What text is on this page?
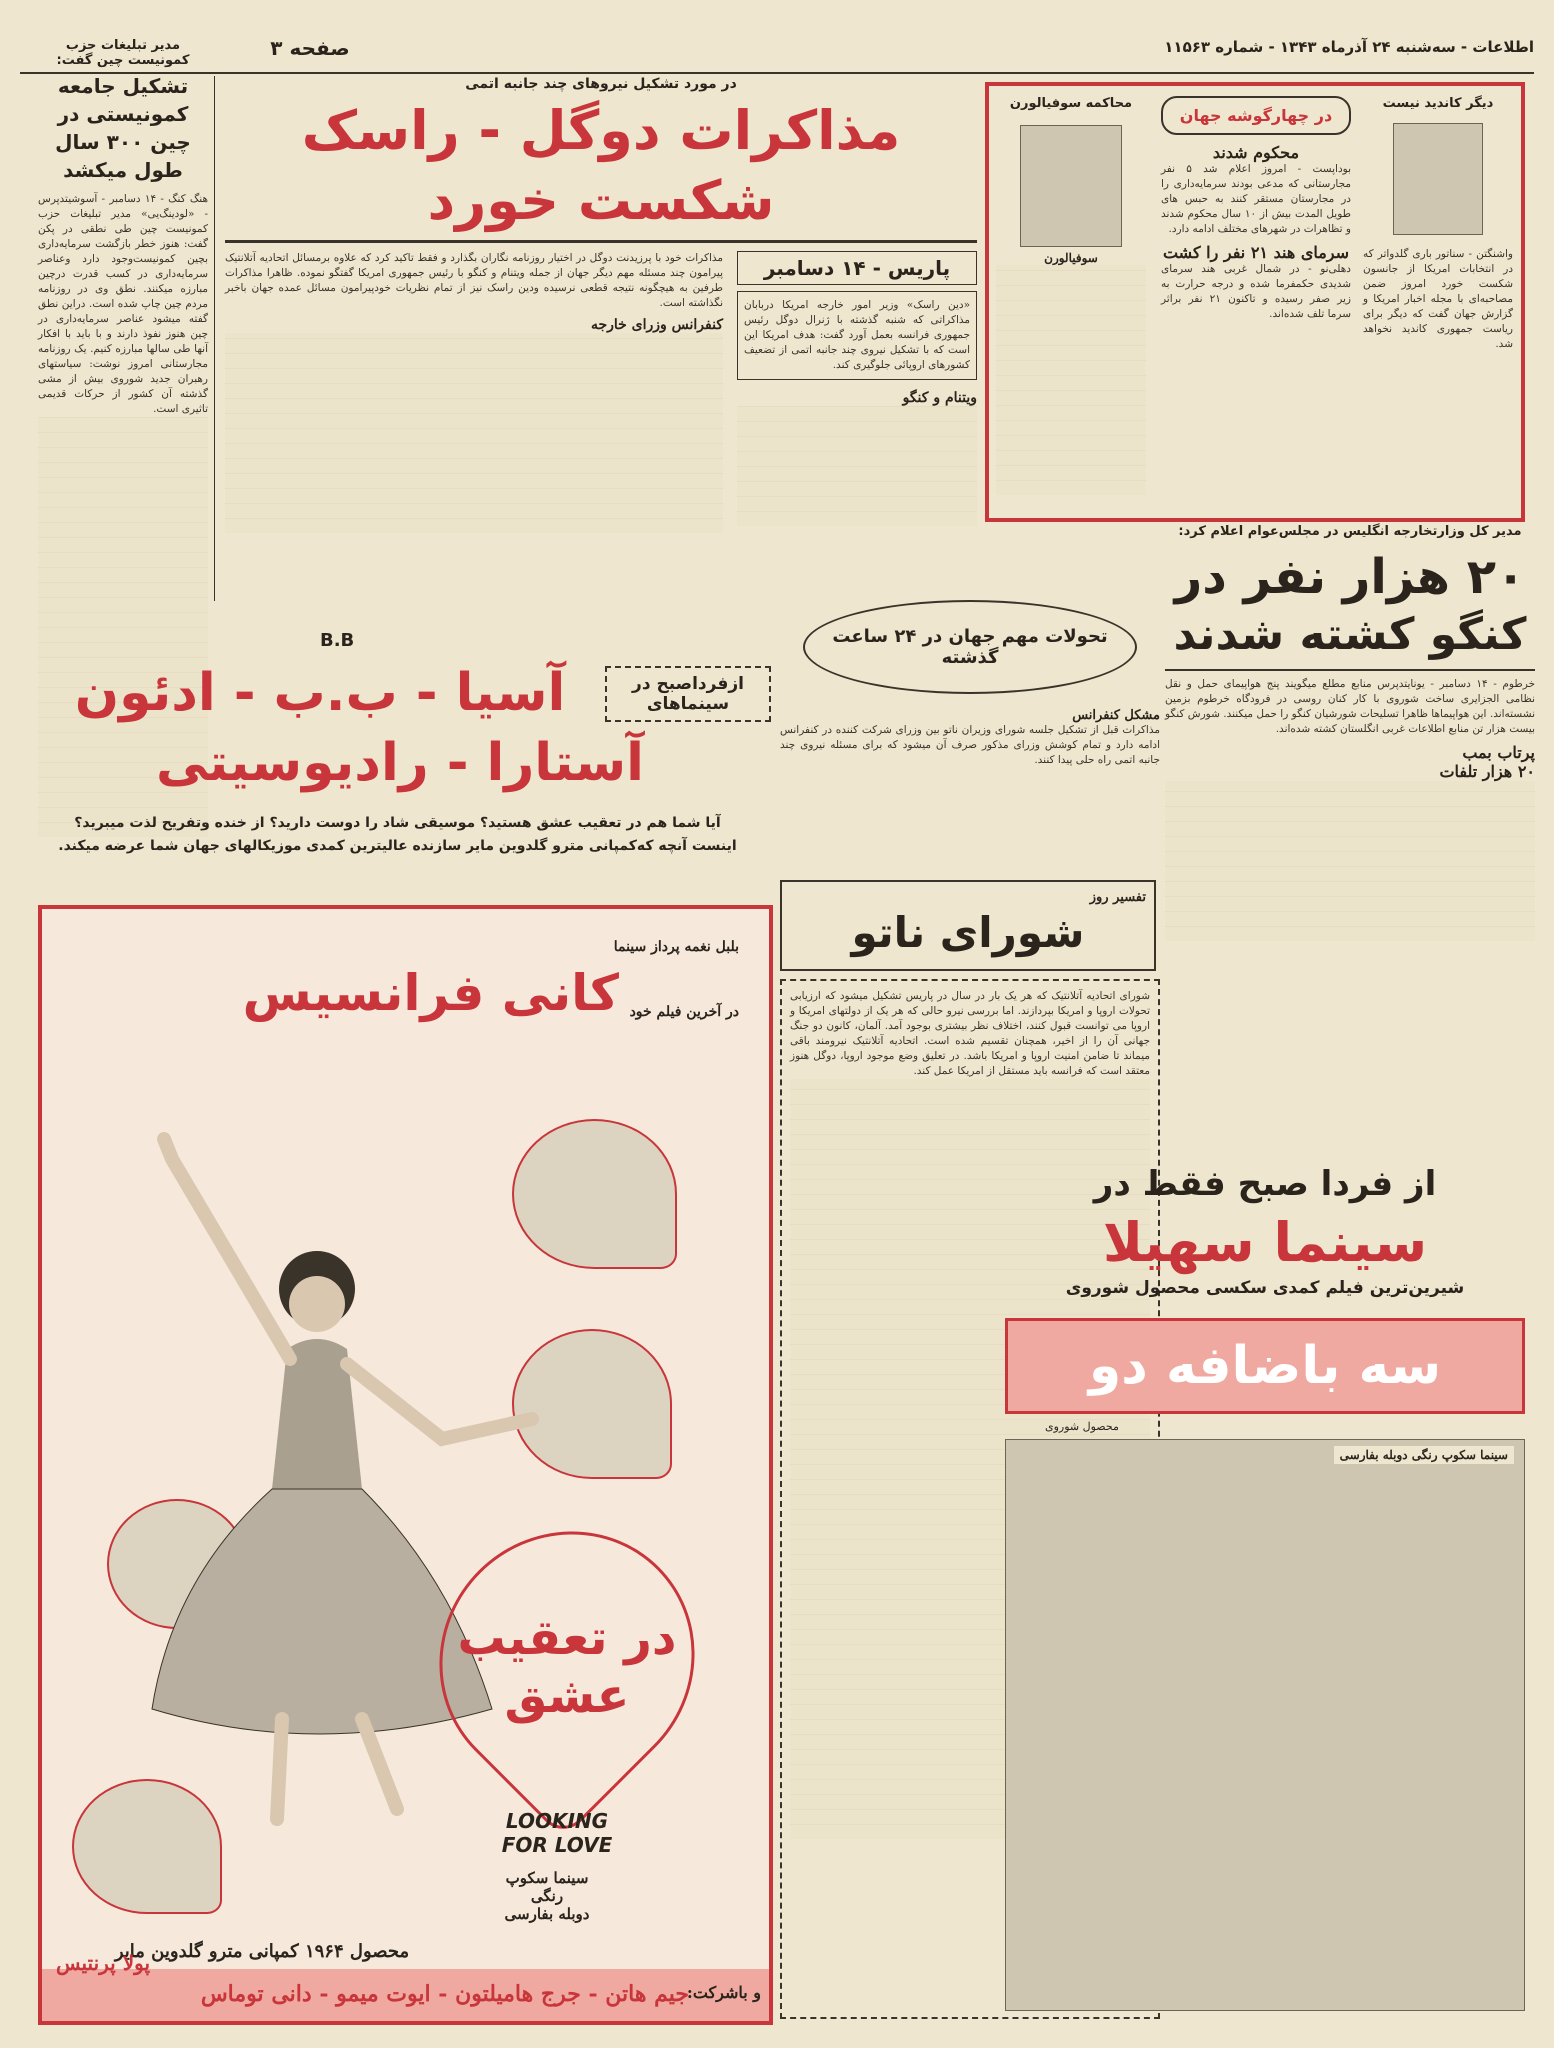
اطلاعات - سه‌شنبه ۲۴ آذرماه ۱۳۴۳ - شماره ۱۱۵۶۳
صفحه ۳
مدیر تبلیغات حزب کمونیست چین گفت:
تشکیل جامعه کمونیستی در چین ۳۰۰ سال طول میکشد
هنگ کنگ - ۱۴ دسامبر - آسوشیتدپرس - «لودینگ‌یی» مدیر تبلیغات حزب کمونیست چین طی نطقی در پکن گفت: هنوز خطر بازگشت سرمایه‌داری بچین کمونیست‌وجود دارد وعناصر سرمایه‌داری در کسب قدرت درچین مبارزه میکنند. نطق وی در روزنامه مردم چین چاپ شده است. دراین نطق گفته میشود عناصر سرمایه‌داری در چین هنوز نفوذ دارند و با باید با افکار آنها طی سالها مبارزه کنیم. یک روزنامه مجارستانی امروز نوشت: سیاستهای رهبران جدید شوروی بیش از مشی گذشته آن کشور از حرکات قدیمی تاثیری است.
در مورد تشکیل نیروهای چند جانبه اتمی
مذاکرات دوگل - راسک شکست خورد
پاریس - ۱۴ دسامبر
«دین راسک» وزیر امور خارجه امریکا دربابان مذاکراتی که شنبه گذشته با ژنرال دوگل رئیس جمهوری فرانسه بعمل آورد گفت: هدف امریکا این است که با تشکیل نیروی چند جانبه اتمی از تضعیف کشورهای اروپائی جلوگیری کند.
ویتنام و کنگو
مذاکرات خود با پرزیدنت دوگل در اختیار روزنامه نگاران بگذارد و فقط تاکید کرد که علاوه برمسائل اتحادیه آتلانتیک پیرامون چند مسئله مهم دیگر جهان از جمله ویتنام و کنگو با رئیس جمهوری امریکا گفتگو نموده. ظاهرا مذاکرات طرفین به هیچگونه نتیجه قطعی نرسیده ودین راسک نیز از تمام نظریات خودپیرامون مسائل عمده جهان باخبر نگذاشته است.
کنفرانس وزرای خارجه
دیگر کاندید نیست
واشنگتن - سناتور باری گلدواتر که در انتخابات امریکا از جانسون شکست خورد امروز ضمن مصاحبه‌ای با مجله اخبار امریکا و گزارش جهان گفت که دیگر برای ریاست جمهوری کاندید نخواهد شد.
در چهارگوشه جهان
محکوم شدند
بوداپست - امروز اعلام شد ۵ نفر مجارستانی که مدعی بودند سرمایه‌داری را در مجارستان مستقر کنند به حبس های طویل المدت بیش از ۱۰ سال محکوم شدند و تظاهرات در شهرهای مختلف ادامه دارد.
سرمای هند ۲۱ نفر را کشت
دهلی‌نو - در شمال غربی هند سرمای شدیدی حکمفرما شده و درجه حرارت به زیر صفر رسیده و تاکنون ۲۱ نفر براثر سرما تلف شده‌اند.
محاکمه سوفیالورن
سوفیالورن
مدیر کل وزارتخارجه انگلیس در مجلس‌عوام اعلام کرد:
۲۰ هزار نفر در
کنگو کشته شدند
خرطوم - ۱۴ دسامبر - یونایتدپرس منابع مطلع میگویند پنج هواپیمای حمل و نقل نظامی الجزایری ساخت شوروی با کار کنان روسی در فرودگاه خرطوم بزمین نشسته‌اند. این هواپیماها ظاهرا تسلیحات شورشیان کنگو را حمل میکنند. شورش کنگو بیست هزار تن منابع اطلاعات غربی انگلستان کشته شده‌اند.
پرتاب بمب
۲۰ هزار تلفات
تحولات مهم جهان در ۲۴ ساعت گذشته
مشکل کنفرانس
مذاکرات قبل از تشکیل جلسه شورای وزیران ناتو بین وزرای شرکت کننده در کنفرانس ادامه دارد و تمام کوشش وزرای مذکور صرف آن میشود که برای مسئله نیروی چند جانبه اتمی راه حلی پیدا کنند.
تفسیر روز
شورای ناتو
شورای اتحادیه آتلانتیک که هر یک بار در سال در پاریس تشکیل میشود که ارزیابی تحولات اروپا و امریکا بپردازند. اما بررسی نیرو حالی که هر یک از دولتهای امریکا و اروپا می توانست قبول کنند، اختلاف نظر بیشتری بوجود آمد. آلمان، کانون دو جنگ جهانی آن را از اخیر، همچنان تقسیم شده است. اتحادیه آتلانتیک نیرومند باقی میماند تا ضامن امنیت اروپا و امریکا باشد. در تعلیق وضع موجود اروپا، دوگل هنوز معتقد است که فرانسه باید مستقل از امریکا عمل کند.
B.B
ازفرداصبح در سینماهای
آسیا - ب.ب - ادئون
آستارا - رادیوسیتی
آیا شما هم در تعقیب عشق هستید؟ موسیقی شاد را دوست دارید؟ از خنده وتفریح لذت میبرید؟
اینست آنچه که‌کمپانی مترو گلدوین مایر سازنده عالیترین کمدی موزیکالهای جهان شما عرضه میکند.
بلبل نغمه پرداز سینما
کانی فرانسیس در آخرین فیلم خود
در تعقیب عشق
LOOKING FOR LOVE
سینما سکوپ
رنگی
دوبله بفارسی
محصول ۱۹۶۴ کمپانی مترو گلدوین مایر
و باشرکت:
جیم هاتن - جرج هامیلتون - ایوت میمو - دانی توماس
پولا پرنتیس
از فردا صبح فقط در
سینما سهیلا
شیرین‌ترین فیلم کمدی سکسی محصول شوروی
سه باضافه دو
محصول شوروی
سینما سکوپ رنگی دوبله بفارسی
